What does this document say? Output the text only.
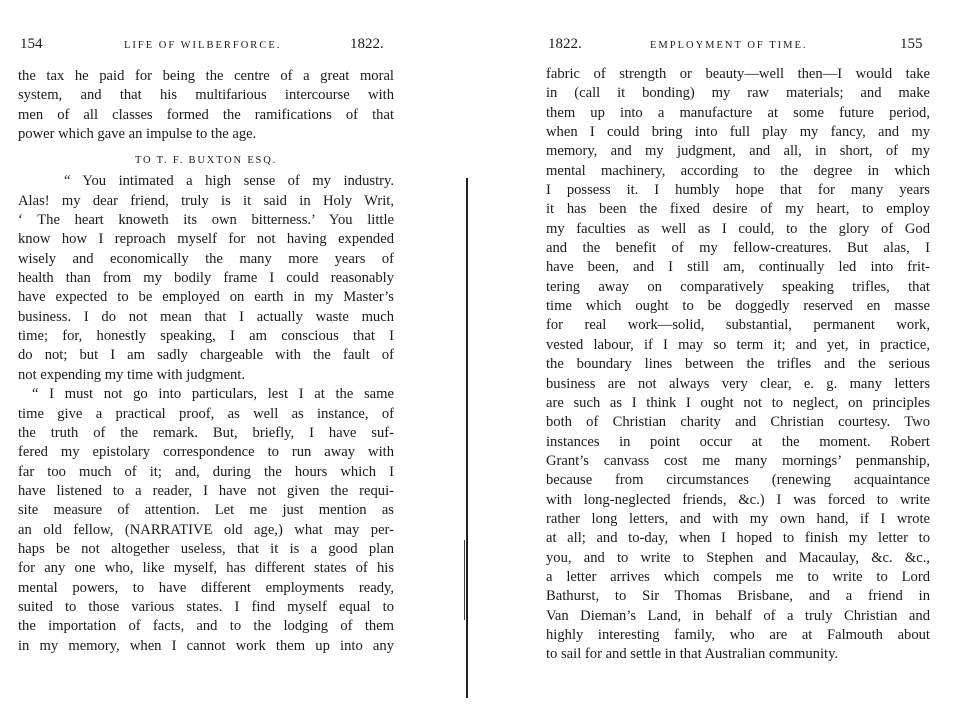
154	LIFE OF WILBERFORCE.	1822.
the tax he paid for being the centre of a great moral
system, and that his multifarious intercourse with
men of all classes formed the ramifications of that
power which gave an impulse to the age.
TO T. F. BUXTON ESQ.
“ You intimated a high sense of my industry.
Alas! my dear friend, truly is it said in Holy Writ,
‘ The heart knoweth its own bitterness.’ You little
know how I reproach myself for not having expended
wisely and economically the many more years of
health than from my bodily frame I could reasonably
have expected to be employed on earth in my Master’s
business. I do not mean that I actually waste much
time; for, honestly speaking, I am conscious that I
do not; but I am sadly chargeable with the fault of
not expending my time with judgment.
“ I must not go into particulars, lest I at the same
time give a practical proof, as well as instance, of
the truth of the remark. But, briefly, I have suf-
fered my epistolary correspondence to run away with
far too much of it; and, during the hours which I
have listened to a reader, I have not given the requi-
site measure of attention. Let me just mention as
an old fellow, (NARRATIVE old age,) what may per-
haps be not altogether useless, that it is a good plan
for any one who, like myself, has different states of his
mental powers, to have different employments ready,
suited to those various states. I find myself equal to
the importation of facts, and to the lodging of them
in my memory, when I cannot work them up into any
1822.	EMPLOYMENT OF TIME.	155
fabric of strength or beauty—well then—I would take
in (call it bonding) my raw materials; and make
them up into a manufacture at some future period,
when I could bring into full play my fancy, and my
memory, and my judgment, and all, in short, of my
mental machinery, according to the degree in which
I possess it. I humbly hope that for many years
it has been the fixed desire of my heart, to employ
my faculties as well as I could, to the glory of God
and the benefit of my fellow-creatures. But alas, I
have been, and I still am, continually led into frit-
tering away on comparatively speaking trifles, that
time which ought to be doggedly reserved en masse
for real work—solid, substantial, permanent work,
vested labour, if I may so term it; and yet, in practice,
the boundary lines between the trifles and the serious
business are not always very clear, e. g. many letters
are such as I think I ought not to neglect, on principles
both of Christian charity and Christian courtesy. Two
instances in point occur at the moment. Robert
Grant’s canvass cost me many mornings’ penmanship,
because from circumstances (renewing acquaintance
with long-neglected friends, &c.) I was forced to write
rather long letters, and with my own hand, if I wrote
at all; and to-day, when I hoped to finish my letter to
you, and to write to Stephen and Macaulay, &c. &c.,
a letter arrives which compels me to write to Lord
Bathurst, to Sir Thomas Brisbane, and a friend in
Van Dieman’s Land, in behalf of a truly Christian and
highly interesting family, who are at Falmouth about
to sail for and settle in that Australian community.
